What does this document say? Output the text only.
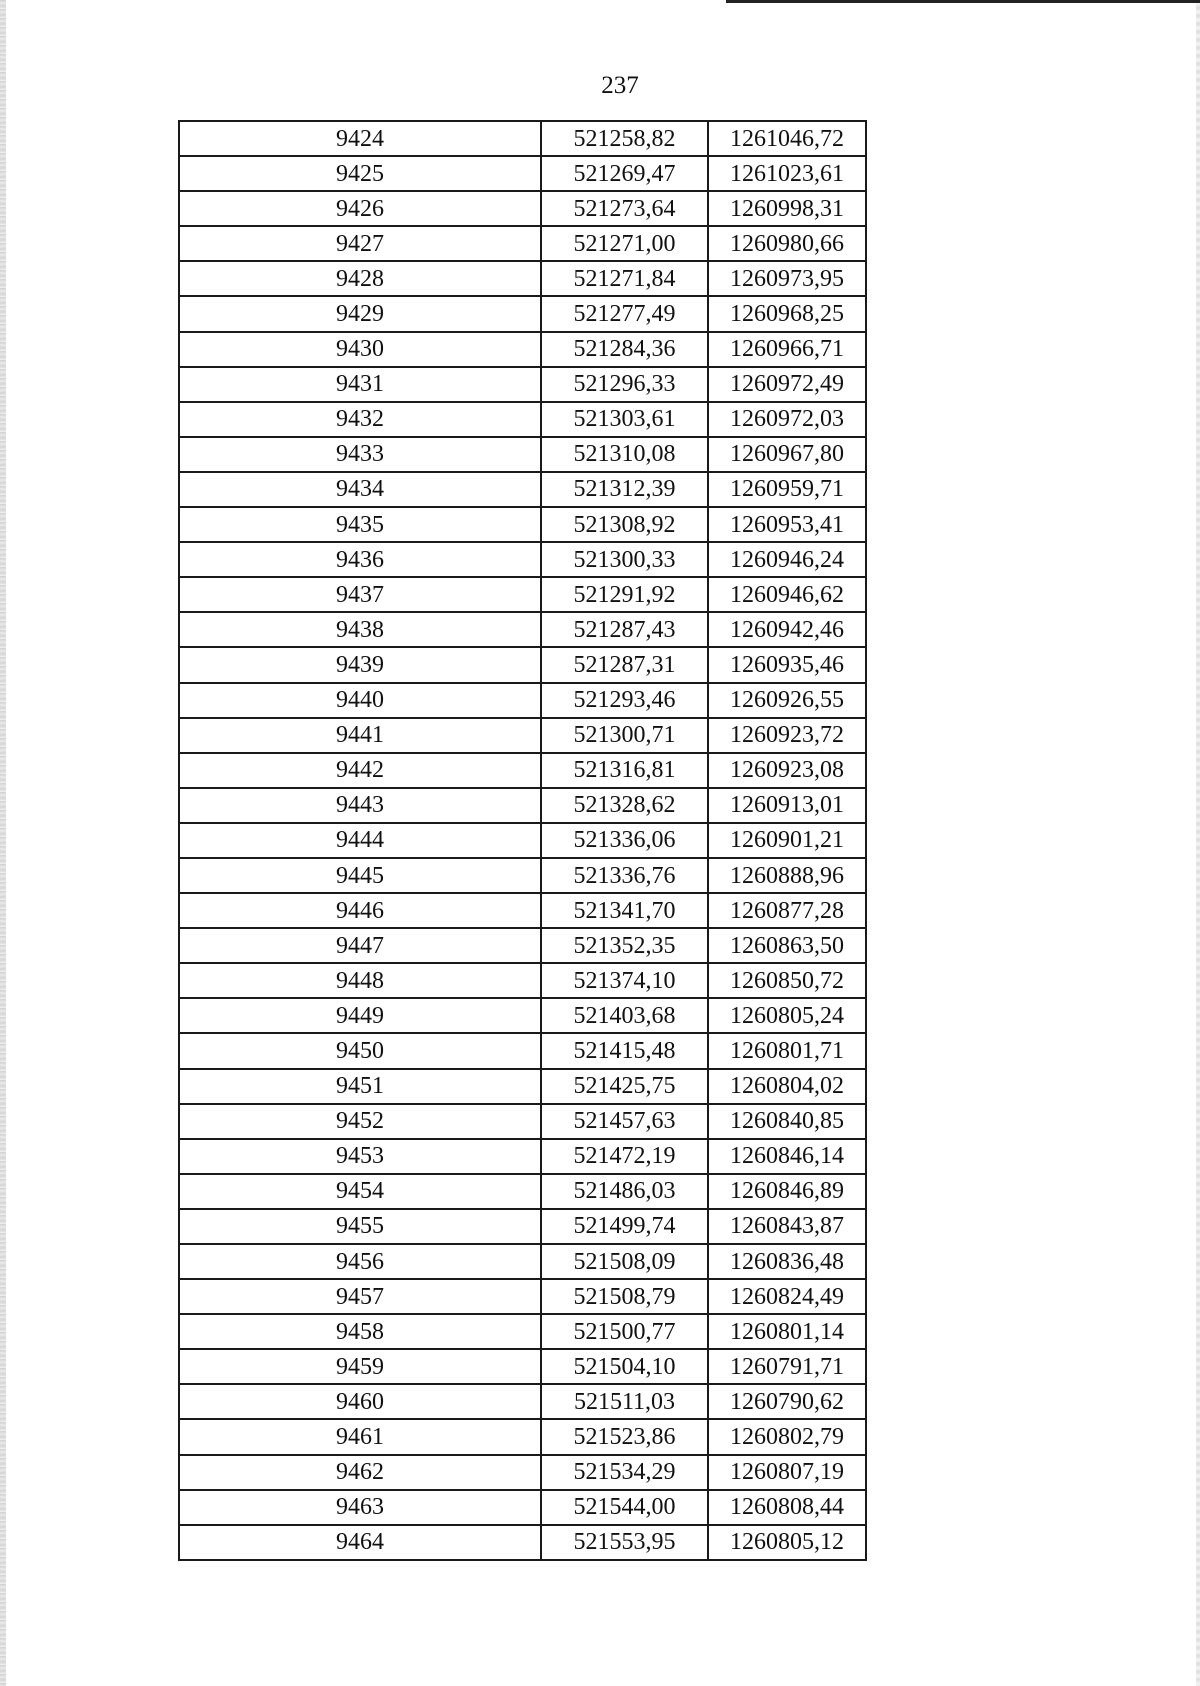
237
9424	521258,82	1261046,72
9425	521269,47	1261023,61
9426	521273,64	1260998,31
9427	521271,00	1260980,66
9428	521271,84	1260973,95
9429	521277,49	1260968,25
9430	521284,36	1260966,71
9431	521296,33	1260972,49
9432	521303,61	1260972,03
9433	521310,08	1260967,80
9434	521312,39	1260959,71
9435	521308,92	1260953,41
9436	521300,33	1260946,24
9437	521291,92	1260946,62
9438	521287,43	1260942,46
9439	521287,31	1260935,46
9440	521293,46	1260926,55
9441	521300,71	1260923,72
9442	521316,81	1260923,08
9443	521328,62	1260913,01
9444	521336,06	1260901,21
9445	521336,76	1260888,96
9446	521341,70	1260877,28
9447	521352,35	1260863,50
9448	521374,10	1260850,72
9449	521403,68	1260805,24
9450	521415,48	1260801,71
9451	521425,75	1260804,02
9452	521457,63	1260840,85
9453	521472,19	1260846,14
9454	521486,03	1260846,89
9455	521499,74	1260843,87
9456	521508,09	1260836,48
9457	521508,79	1260824,49
9458	521500,77	1260801,14
9459	521504,10	1260791,71
9460	521511,03	1260790,62
9461	521523,86	1260802,79
9462	521534,29	1260807,19
9463	521544,00	1260808,44
9464	521553,95	1260805,12
